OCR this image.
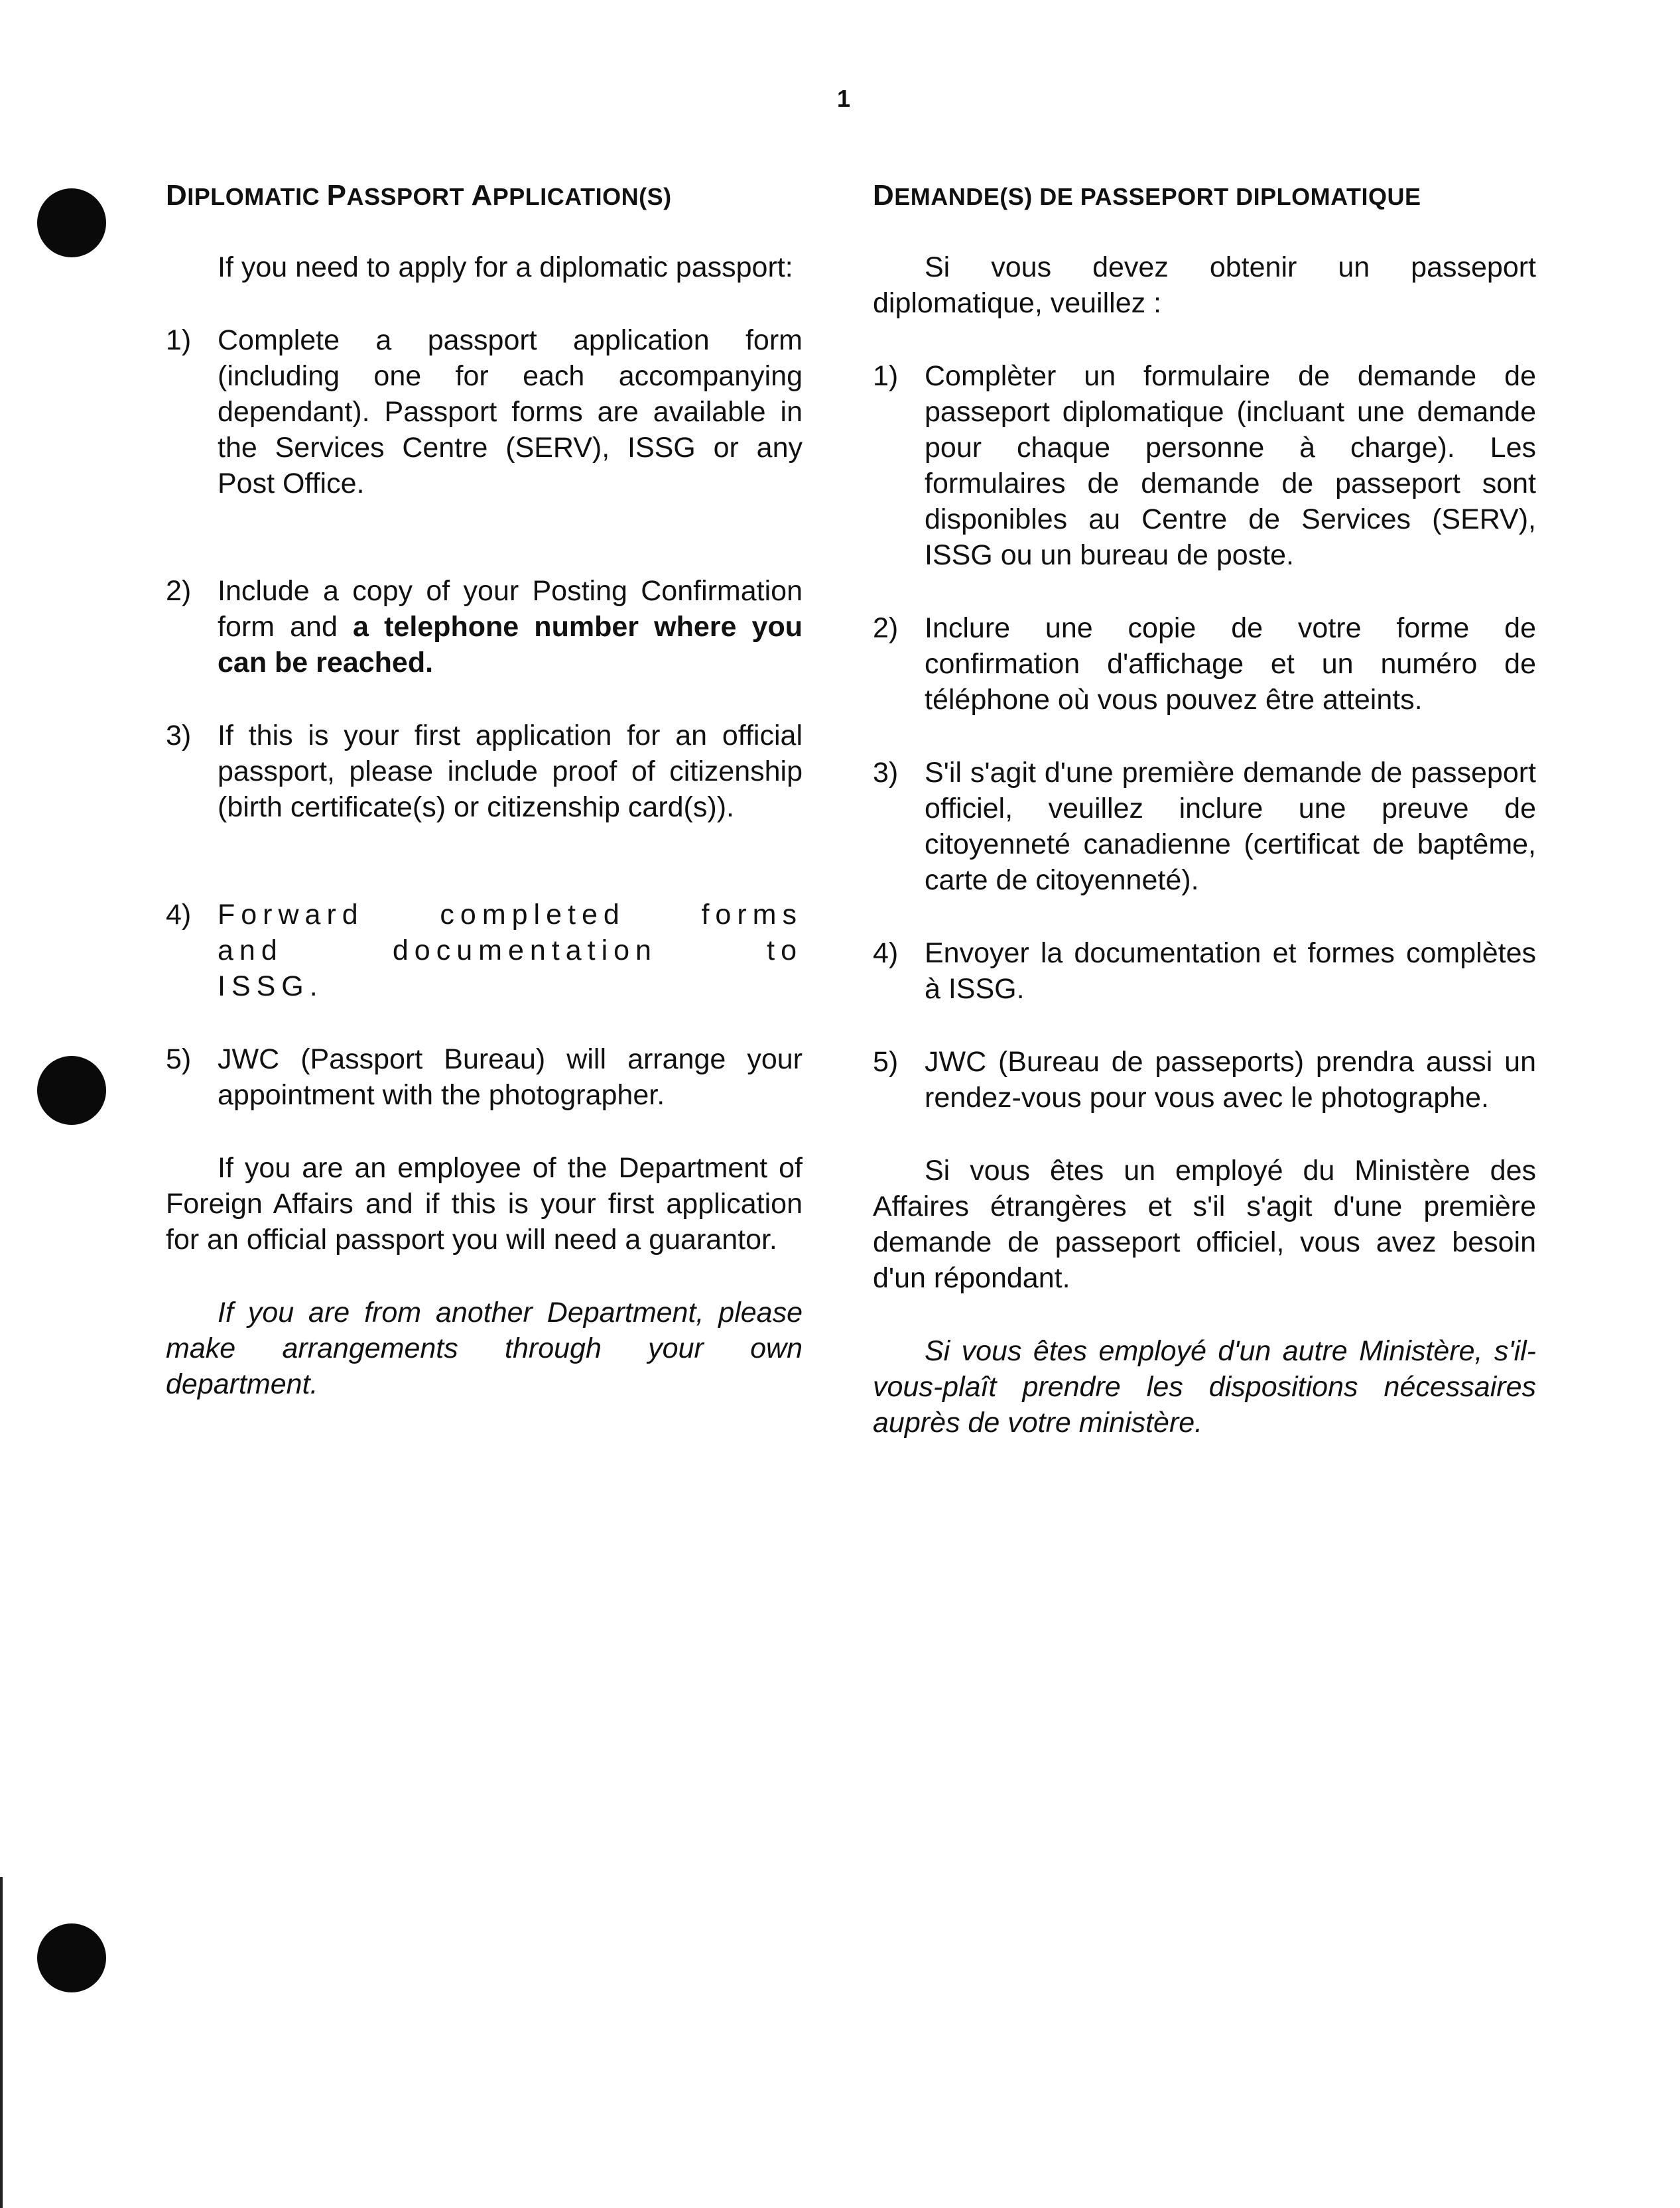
1
DIPLOMATIC PASSPORT APPLICATION(S)

If you need to apply for a diplomatic passport:

1) Complete a passport application form (including one for each accompanying dependant). Passport forms are available in the Services Centre (SERV), ISSG or any Post Office.
2) Include a copy of your Posting Confirmation form and a telephone number where you can be reached.
3) If this is your first application for an official passport, please include proof of citizenship (birth certificate(s) or citizenship card(s)).
4) Forward completed forms and documentation to ISSG.
5) JWC (Passport Bureau) will arrange your appointment with the photographer.

If you are an employee of the Department of Foreign Affairs and if this is your first application for an official passport you will need a guarantor.

If you are from another Department, please make arrangements through your own department.

DEMANDE(S) DE PASSEPORT DIPLOMATIQUE

Si vous devez obtenir un passeport diplomatique, veuillez :

1) Complèter un formulaire de demande de passeport diplomatique (incluant une demande pour chaque personne à charge). Les formulaires de demande de passeport sont disponibles au Centre de Services (SERV), ISSG ou un bureau de poste.
2) Inclure une copie de votre forme de confirmation d'affichage et un numéro de téléphone où vous pouvez être atteints.
3) S'il s'agit d'une première demande de passeport officiel, veuillez inclure une preuve de citoyenneté canadienne (certificat de baptême, carte de citoyenneté).
4) Envoyer la documentation et formes complètes à ISSG.
5) JWC (Bureau de passeports) prendra aussi un rendez-vous pour vous avec le photographe.

Si vous êtes un employé du Ministère des Affaires étrangères et s'il s'agit d'une première demande de passeport officiel, vous avez besoin d'un répondant.

Si vous êtes employé d'un autre Ministère, s'il-vous-plaît prendre les dispositions nécessaires auprès de votre ministère.
